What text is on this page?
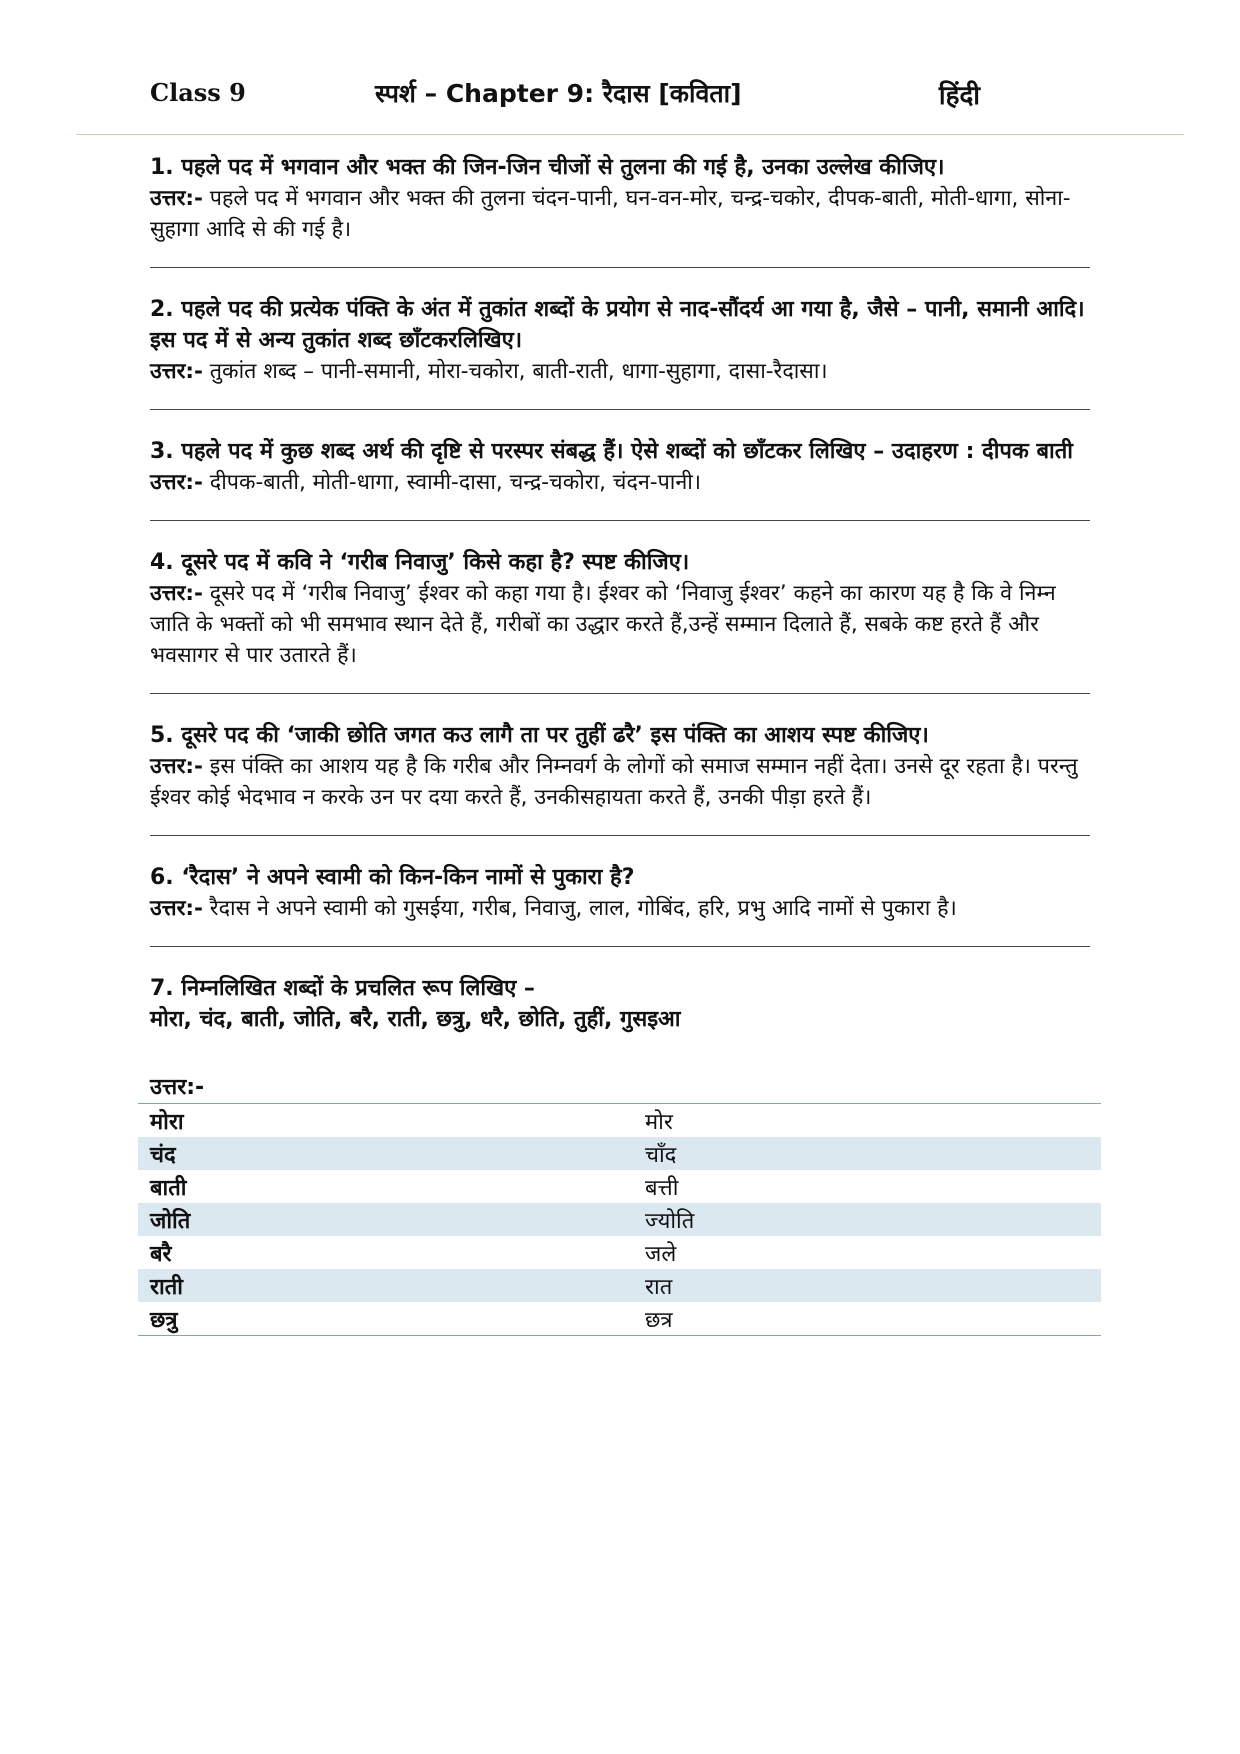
Class 9	स्पर्श – Chapter 9: रैदास [कविता]	हिंदी

1. पहले पद में भगवान और भक्त की जिन-जिन चीजों से तुलना की गई है, उनका उल्लेख कीजिए।

उत्तर:- पहले पद में भगवान और भक्त की तुलना चंदन-पानी, घन-वन-मोर, चन्द्र-चकोर, दीपक-बाती, मोती-धागा, सोना-सुहागा आदि से की गई है।

2. पहले पद की प्रत्येक पंक्ति के अंत में तुकांत शब्दों के प्रयोग से नाद-सौंदर्य आ गया है, जैसे – पानी, समानी आदि। इस पद में से अन्य तुकांत शब्द छाँटकरलिखिए।

उत्तर:- तुकांत शब्द – पानी-समानी, मोरा-चकोरा, बाती-राती, धागा-सुहागा, दासा-रैदासा।

3. पहले पद में कुछ शब्द अर्थ की दृष्टि से परस्पर संबद्ध हैं। ऐसे शब्दों को छाँटकर लिखिए – उदाहरण : दीपक बाती

उत्तर:- दीपक-बाती, मोती-धागा, स्वामी-दासा, चन्द्र-चकोरा, चंदन-पानी।

4. दूसरे पद में कवि ने ‘गरीब निवाजु’ किसे कहा है? स्पष्ट कीजिए।

उत्तर:- दूसरे पद में ‘गरीब निवाजु’ ईश्वर को कहा गया है। ईश्वर को ‘निवाजु ईश्वर’ कहने का कारण यह है कि वे निम्न जाति के भक्तों को भी समभाव स्थान देते हैं, गरीबों का उद्धार करते हैं,उन्हें सम्मान दिलाते हैं, सबके कष्ट हरते हैं और भवसागर से पार उतारते हैं।

5. दूसरे पद की ‘जाकी छोति जगत कउ लागै ता पर तुहीं ढरै’ इस पंक्ति का आशय स्पष्ट कीजिए।

उत्तर:- इस पंक्ति का आशय यह है कि गरीब और निम्नवर्ग के लोगों को समाज सम्मान नहीं देता। उनसे दूर रहता है। परन्तु ईश्वर कोई भेदभाव न करके उन पर दया करते हैं, उनकीसहायता करते हैं, उनकी पीड़ा हरते हैं।

6. ‘रैदास’ ने अपने स्वामी को किन-किन नामों से पुकारा है?

उत्तर:- रैदास ने अपने स्वामी को गुसईया, गरीब, निवाजु, लाल, गोबिंद, हरि, प्रभु आदि नामों से पुकारा है।

7. निम्नलिखित शब्दों के प्रचलित रूप लिखिए –

मोरा, चंद, बाती, जोति, बरै, राती, छत्रु, धरै, छोति, तुहीं, गुसइआ

उत्तर:-

मोरा	मोर
चंद	चाँद
बाती	बत्ती
जोति	ज्योति
बरै	जले
राती	रात
छत्रु	छत्र
